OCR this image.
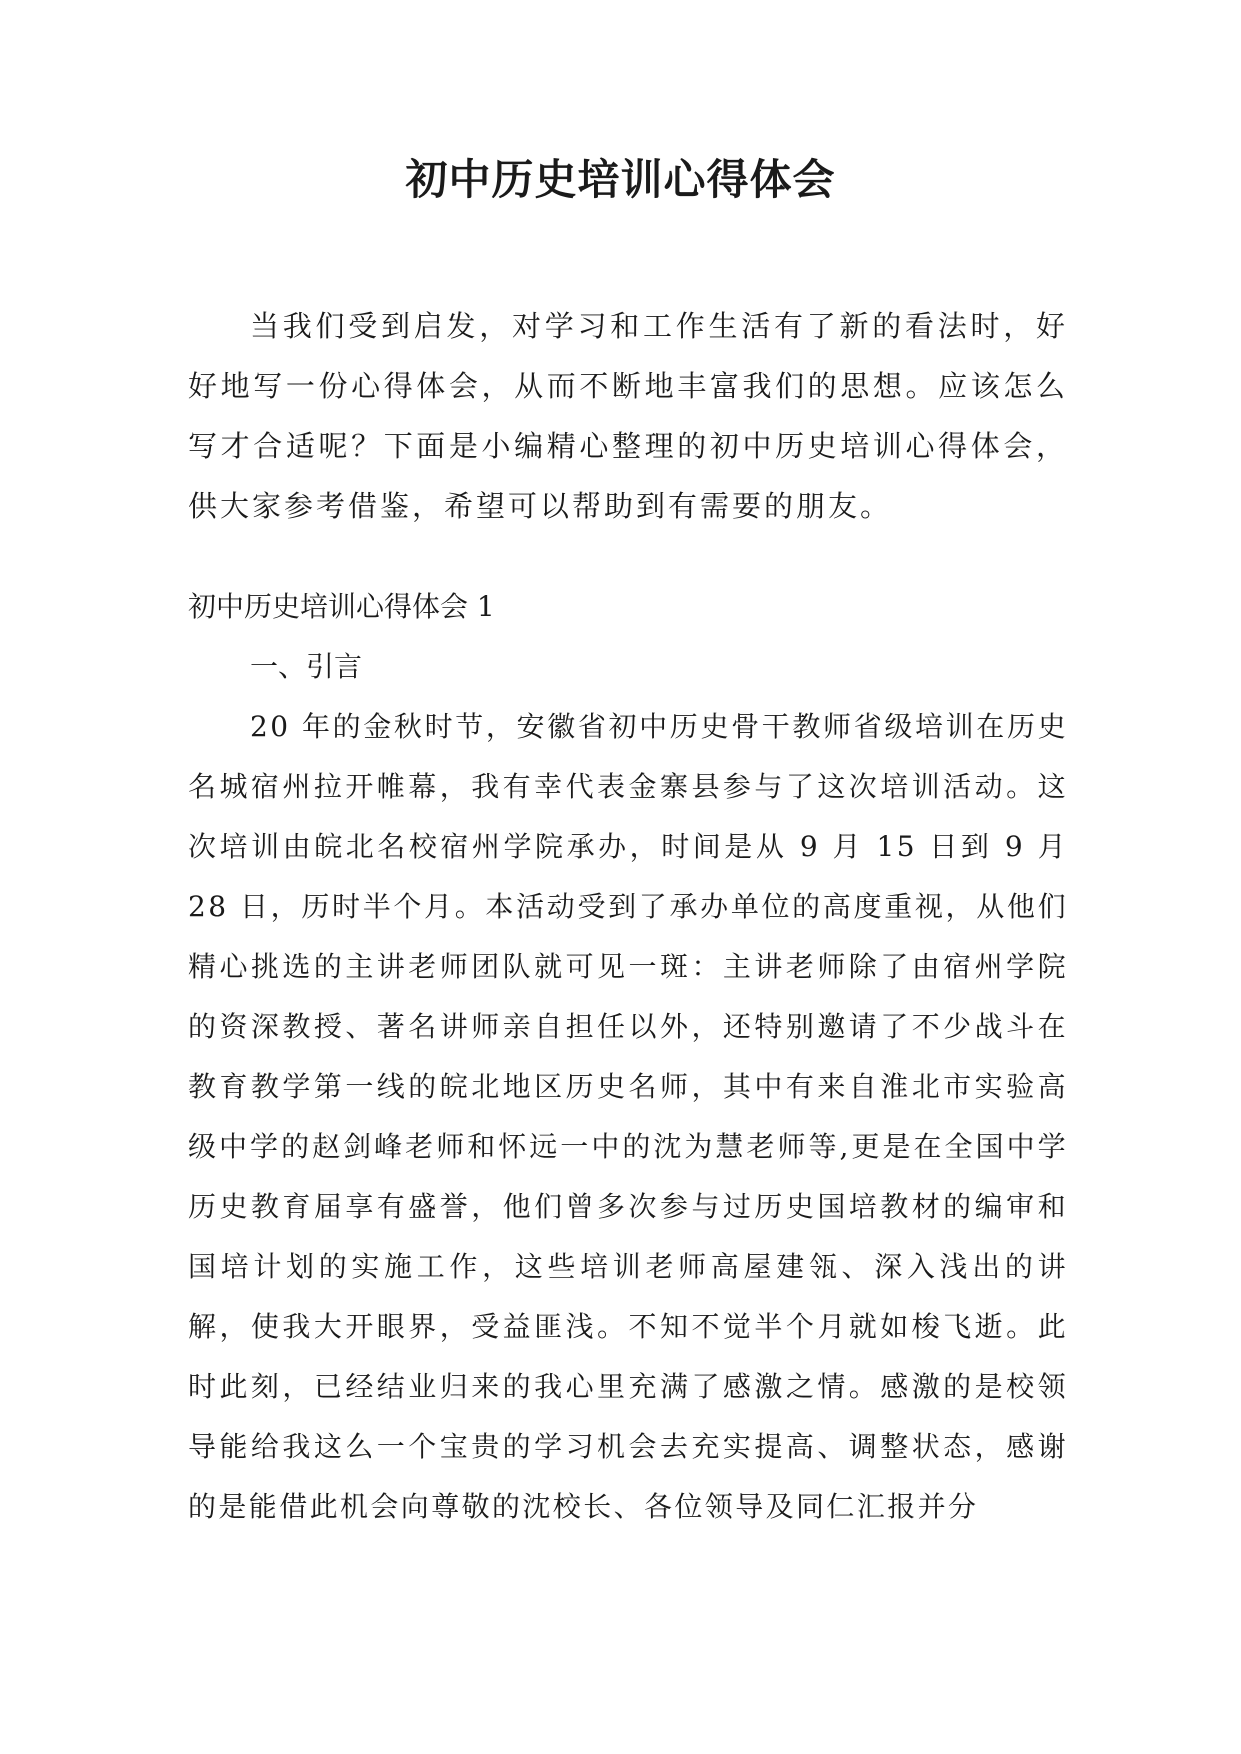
初中历史培训心得体会

当我们受到启发，对学习和工作生活有了新的看法时，好好地写一份心得体会，从而不断地丰富我们的思想。应该怎么写才合适呢？下面是小编精心整理的初中历史培训心得体会，供大家参考借鉴，希望可以帮助到有需要的朋友。

初中历史培训心得体会 1

一、引言

20 年的金秋时节，安徽省初中历史骨干教师省级培训在历史名城宿州拉开帷幕，我有幸代表金寨县参与了这次培训活动。这次培训由皖北名校宿州学院承办，时间是从 9 月 15 日到 9 月 28 日，历时半个月。本活动受到了承办单位的高度重视，从他们精心挑选的主讲老师团队就可见一斑：主讲老师除了由宿州学院的资深教授、著名讲师亲自担任以外，还特别邀请了不少战斗在教育教学第一线的皖北地区历史名师，其中有来自淮北市实验高级中学的赵剑峰老师和怀远一中的沈为慧老师等,更是在全国中学历史教育届享有盛誉，他们曾多次参与过历史国培教材的编审和国培计划的实施工作，这些培训老师高屋建瓴、深入浅出的讲解，使我大开眼界，受益匪浅。不知不觉半个月就如梭飞逝。此时此刻，已经结业归来的我心里充满了感激之情。感激的是校领导能给我这么一个宝贵的学习机会去充实提高、调整状态，感谢的是能借此机会向尊敬的沈校长、各位领导及同仁汇报并分
